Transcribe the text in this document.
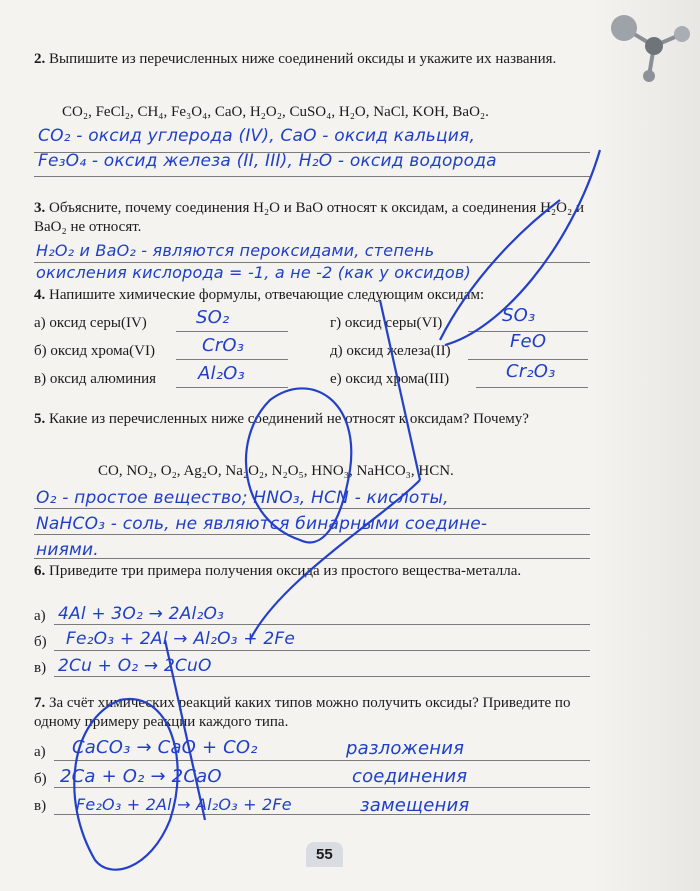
2. Выпишите из перечисленных ниже соединений оксиды и укажите их названия.
CO₂, FeCl₂, CH₄, Fe₃O₄, CaO, H₂O₂, CuSO₄, H₂O, NaCl, KOH, BaO₂.
CO₂ - оксид углерода (IV), CaO - оксид кальция,
Fe₃O₄ - оксид железа (II, III), H₂O - оксид водорода
3. Объясните, почему соединения H₂O и BaO относят к оксидам, а соединения H₂O₂ и BaO₂ не относят.
H₂O₂ и BaO₂ - являются пероксидами, степень
окисления кислорода = -1, а не -2 (как у оксидов)
4. Напишите химические формулы, отвечающие следующим оксидам:
а) оксид серы(IV)
б) оксид хрома(VI)
в) оксид алюминия
г) оксид серы(VI)
д) оксид железа(II)
е) оксид хрома(III)
SO₂
CrO₃
Al₂O₃
SO₃
FeO
Cr₂O₃
5. Какие из перечисленных ниже соединений не относят к оксидам? Почему?
CO, NO₂, O₂, Ag₂O, Na₂O₂, N₂O₅, HNO₃, NaHCO₃, HCN.
O₂ - простое вещество; HNO₃, HCN - кислоты,
NaHCO₃ - соль, не являются бинарными соедине-
ниями.
6. Приведите три примера получения оксида из простого вещества-металла.
а)
б)
в)
4Al + 3O₂ → 2Al₂O₃
Fe₂O₃ + 2Al → Al₂O₃ + 2Fe
2Cu + O₂ → 2CuO
7. За счёт химических реакций каких типов можно получить оксиды? Приведите по одному примеру реакции каждого типа.
а)
б)
в)
CaCO₃ → CaO + CO₂
2Ca + O₂ → 2CaO
Fe₂O₃ + 2Al → Al₂O₃ + 2Fe
разложения
соединения
замещения
55
